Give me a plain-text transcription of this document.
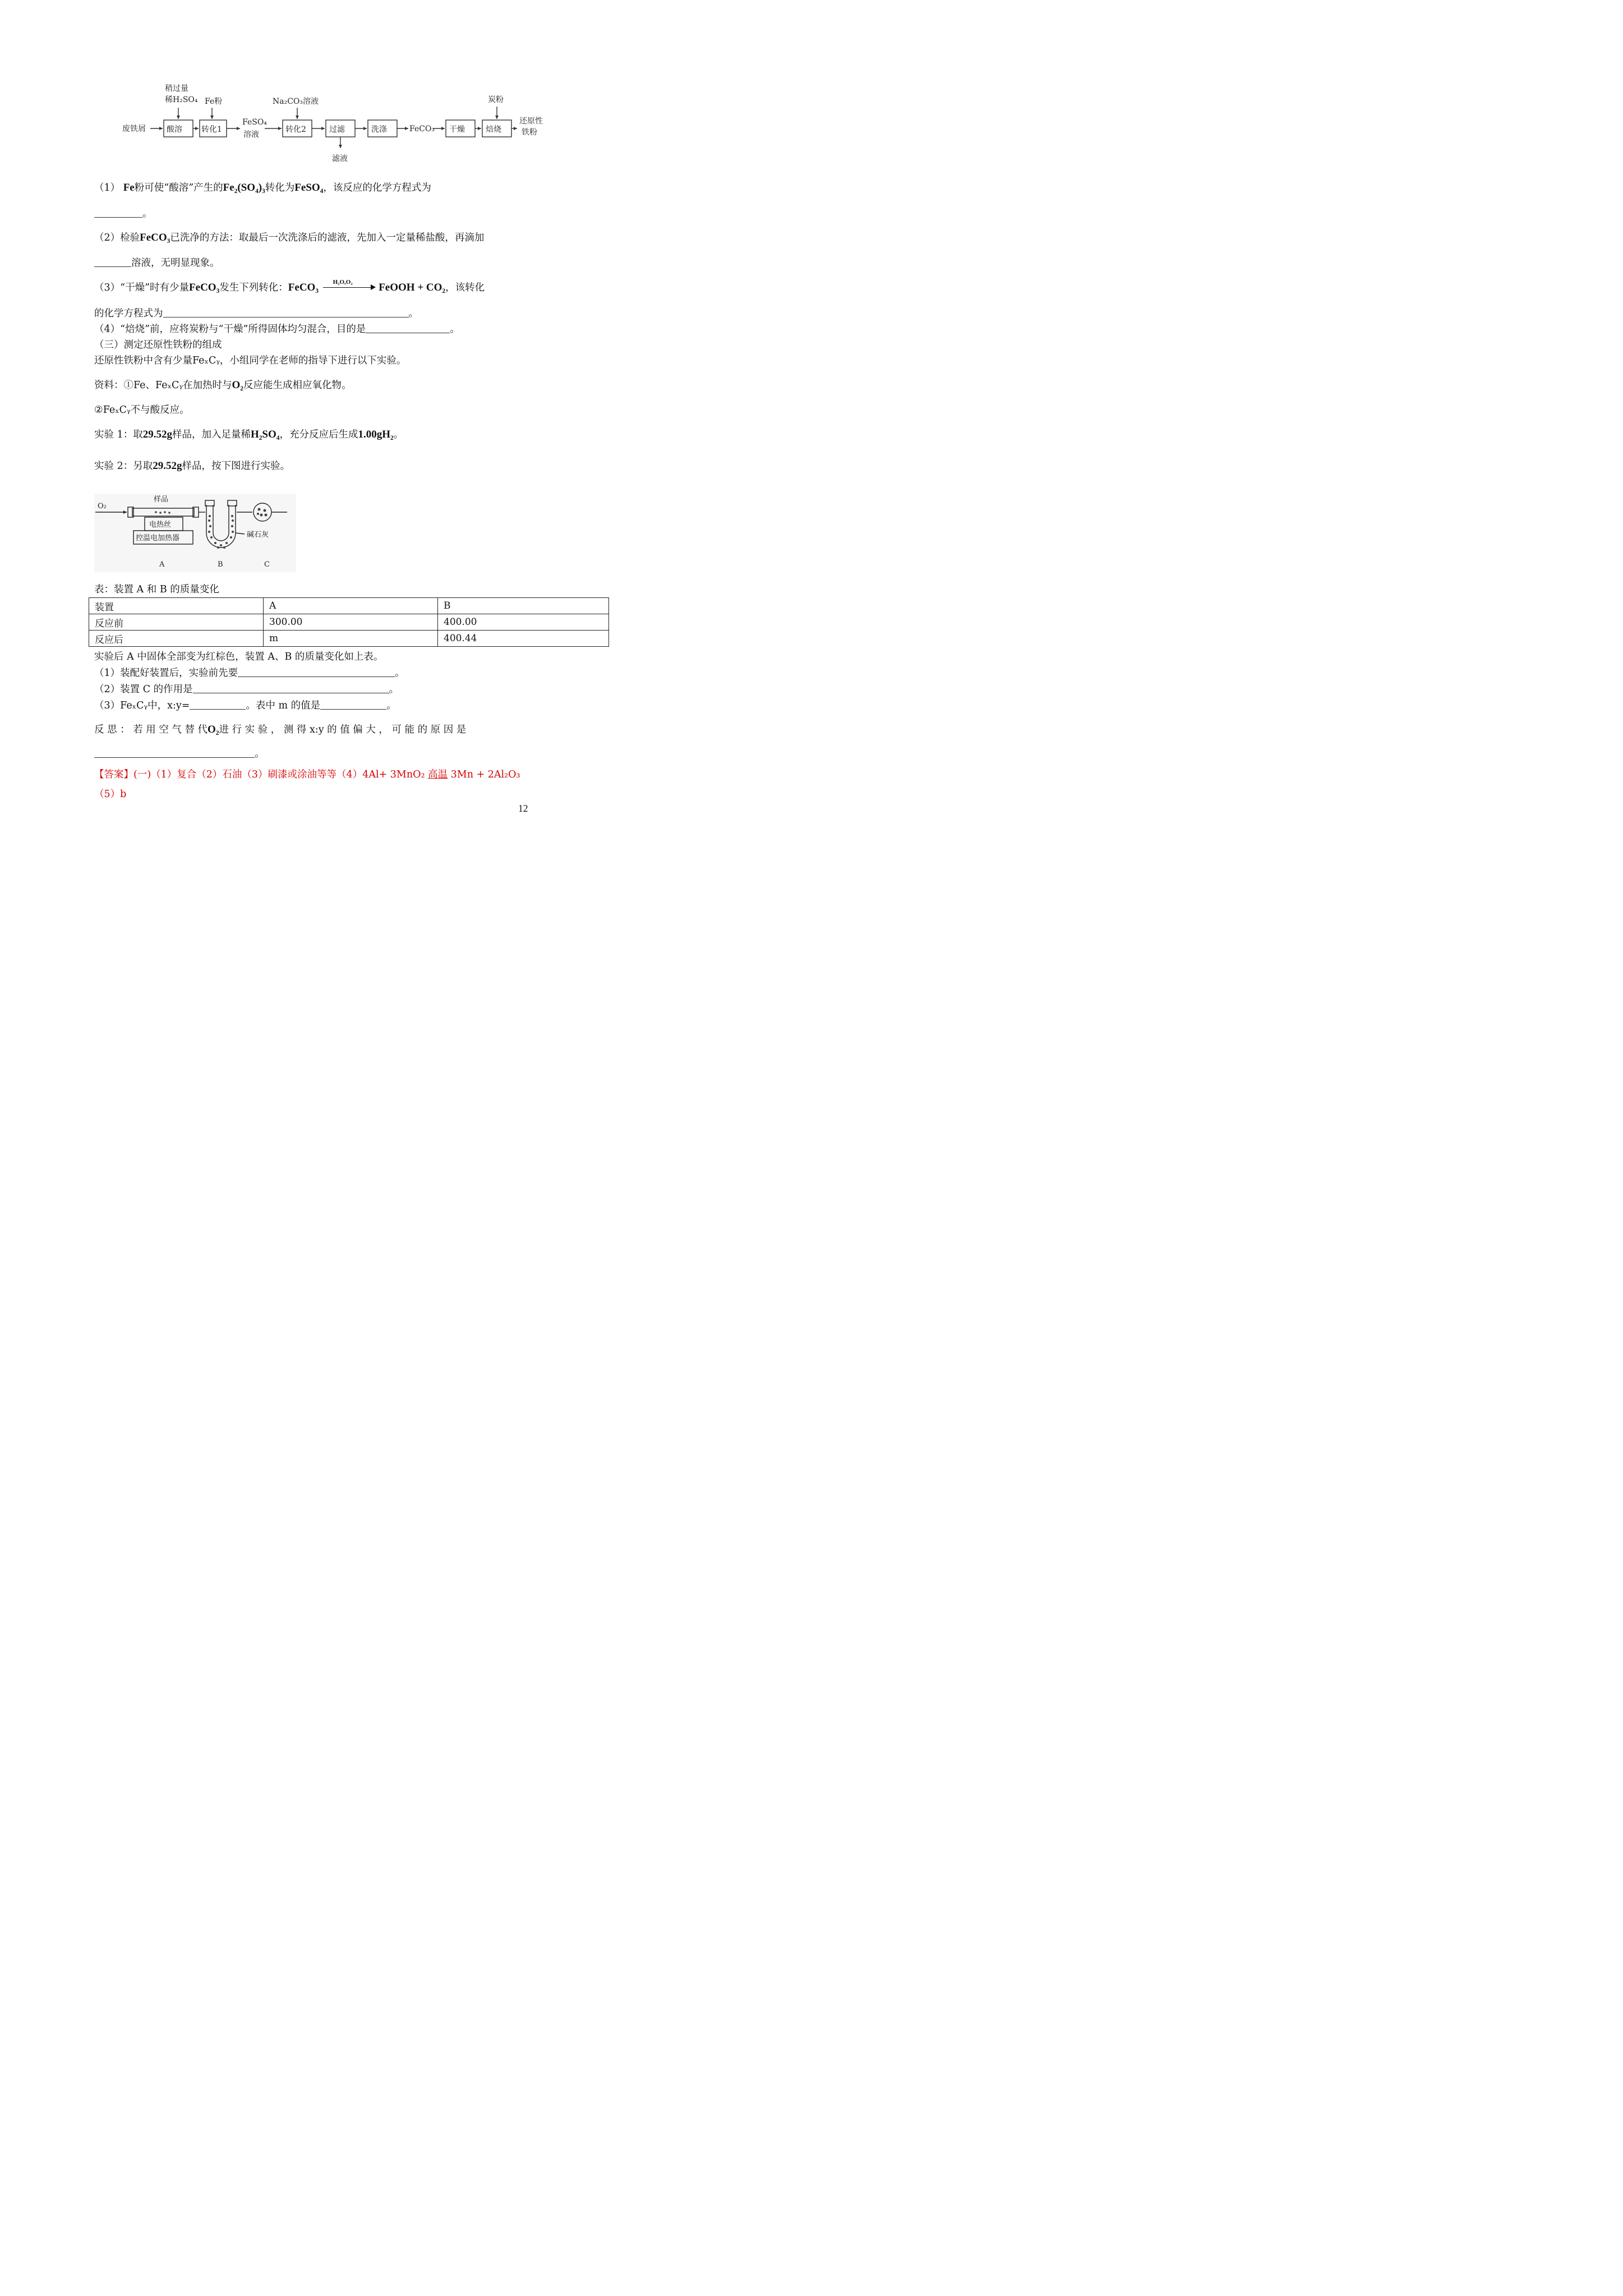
稍过量
稀H₂SO₄ Fe粉	Na₂CO₃溶液	炭粉
废铁屑	酸溶 转化1	转化2	过滤	洗涤	干燥	焙烧
FeSO₄
溶液
FeCO₃
滤液
还原性
铁粉
（1） Fe粉可使“酸溶”产生的Fe₂(SO₄)₃转化为FeSO₄，该反应的化学方程式为
。
（2）检验FeCO₃已洗净的方法：取最后一次洗涤后的滤液，先加入一定量稀盐酸，再滴加
溶液，无明显现象。
（3）“干燥”时有少量FeCO₃发生下列转化：FeCO₃ H₂O,O₂ FeOOH + CO₂，该转化
的化学方程式为	。
（4）“焙烧”前，应将炭粉与“干燥”所得固体均匀混合，目的是	。
（三）测定还原性铁粉的组成
还原性铁粉中含有少量FeₓCᵧ，小组同学在老师的指导下进行以下实验。
资料：①Fe、FeₓCᵧ在加热时与O₂反应能生成相应氧化物。
②FeₓCᵧ不与酸反应。
实验 1：取29.52g样品，加入足量稀H₂SO₄，充分反应后生成1.00gH₂。
实验 2：另取29.52g样品，按下图进行实验。
O₂
样品
电热丝
控温电加热器	碱石灰
A	B	C
表：装置 A 和 B 的质量变化
装置	A	B
反应前	300.00	400.00
反应后	m	400.44
实验后 A 中固体全部变为红棕色，装置 A、B 的质量变化如上表。
（1）装配好装置后，实验前先要	。
（2）装置 C 的作用是	。
（3）FeₓCᵧ中，x:y=	。表中 m 的值是	。
反 思 ： 若 用 空 气 替 代O₂进 行 实 验 ， 测 得 x:y 的 值 偏 大 ， 可 能 的 原 因 是
。
【答案】(一)（1）复合（2）石油（3）刷漆或涂油等等（4）4Al+ 3MnO₂ 高温 3Mn + 2Al₂O₃
（5）b
12
